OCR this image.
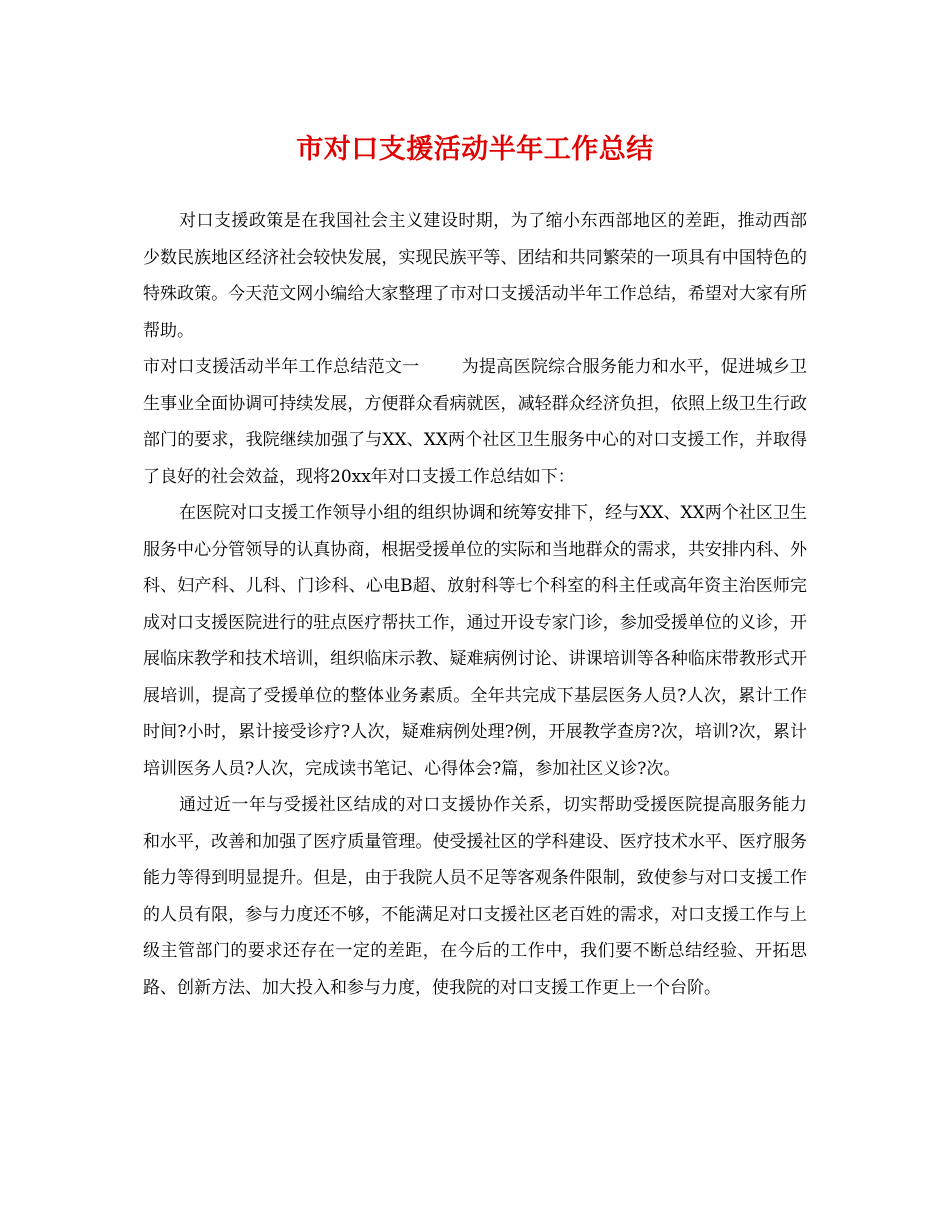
市对口支援活动半年工作总结

对口支援政策是在我国社会主义建设时期，为了缩小东西部地区的差距，推动西部少数民族地区经济社会较快发展，实现民族平等、团结和共同繁荣的一项具有中国特色的特殊政策。今天范文网小编给大家整理了市对口支援活动半年工作总结，希望对大家有所帮助。

市对口支援活动半年工作总结范文一 为提高医院综合服务能力和水平，促进城乡卫生事业全面协调可持续发展，方便群众看病就医，减轻群众经济负担，依照上级卫生行政部门的要求，我院继续加强了与XX、XX两个社区卫生服务中心的对口支援工作，并取得了良好的社会效益，现将20xx年对口支援工作总结如下：

在医院对口支援工作领导小组的组织协调和统筹安排下，经与XX、XX两个社区卫生服务中心分管领导的认真协商，根据受援单位的实际和当地群众的需求，共安排内科、外科、妇产科、儿科、门诊科、心电B超、放射科等七个科室的科主任或高年资主治医师完成对口支援医院进行的驻点医疗帮扶工作，通过开设专家门诊，参加受援单位的义诊，开展临床教学和技术培训，组织临床示教、疑难病例讨论、讲课培训等各种临床带教形式开展培训，提高了受援单位的整体业务素质。全年共完成下基层医务人员?人次，累计工作时间?小时，累计接受诊疗?人次，疑难病例处理?例，开展教学查房?次，培训?次，累计培训医务人员?人次，完成读书笔记、心得体会?篇，参加社区义诊?次。

通过近一年与受援社区结成的对口支援协作关系，切实帮助受援医院提高服务能力和水平，改善和加强了医疗质量管理。使受援社区的学科建设、医疗技术水平、医疗服务能力等得到明显提升。但是，由于我院人员不足等客观条件限制，致使参与对口支援工作的人员有限，参与力度还不够，不能满足对口支援社区老百姓的需求，对口支援工作与上级主管部门的要求还存在一定的差距，在今后的工作中，我们要不断总结经验、开拓思路、创新方法、加大投入和参与力度，使我院的对口支援工作更上一个台阶。
